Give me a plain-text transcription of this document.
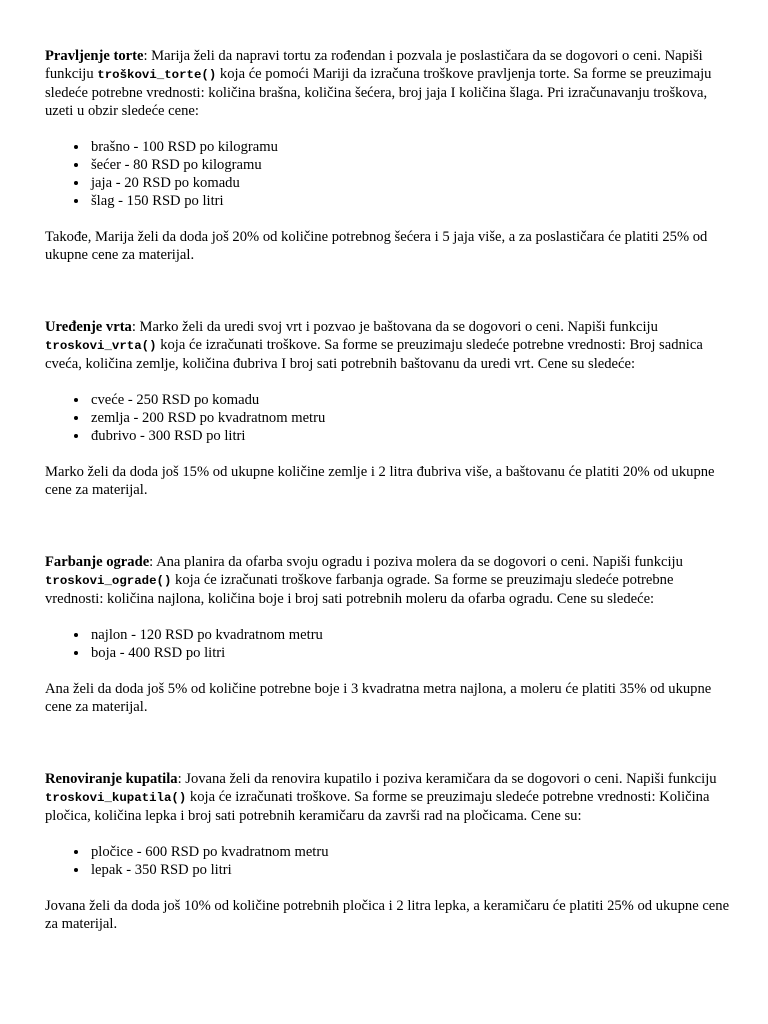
Pravljenje torte: Marija želi da napravi tortu za rođendan i pozvala je poslastičara da se dogovori o ceni. Napiši funkciju troškovi_torte() koja će pomoći Mariji da izračuna troškove pravljenja torte. Sa forme se preuzimaju sledeće potrebne vrednosti: količina brašna, količina šećera, broj jaja I količina šlaga. Pri izračunavanju troškova, uzeti u obzir sledeće cene:

• brašno - 100 RSD po kilogramu
• šećer - 80 RSD po kilogramu
• jaja - 20 RSD po komadu
• šlag - 150 RSD po litri

Takođe, Marija želi da doda još 20% od količine potrebnog šećera i 5 jaja više, a za poslastičara će platiti 25% od ukupne cene za materijal.

Uređenje vrta: Marko želi da uredi svoj vrt i pozvao je baštovana da se dogovori o ceni. Napiši funkciju troskovi_vrta() koja će izračunati troškove. Sa forme se preuzimaju sledeće potrebne vrednosti: Broj sadnica cveća, količina zemlje, količina đubriva I broj sati potrebnih baštovanu da uredi vrt. Cene su sledeće:

• cveće - 250 RSD po komadu
• zemlja - 200 RSD po kvadratnom metru
• đubrivo - 300 RSD po litri

Marko želi da doda još 15% od ukupne količine zemlje i 2 litra đubriva više, a baštovanu će platiti 20% od ukupne cene za materijal.

Farbanje ograde: Ana planira da ofarba svoju ogradu i poziva molera da se dogovori o ceni. Napiši funkciju troskovi_ograde() koja će izračunati troškove farbanja ograde. Sa forme se preuzimaju sledeće potrebne vrednosti: količina najlona, količina boje i broj sati potrebnih moleru da ofarba ogradu. Cene su sledeće:

• najlon - 120 RSD po kvadratnom metru
• boja - 400 RSD po litri

Ana želi da doda još 5% od količine potrebne boje i 3 kvadratna metra najlona, a moleru će platiti 35% od ukupne cene za materijal.

Renoviranje kupatila: Jovana želi da renovira kupatilo i poziva keramičara da se dogovori o ceni. Napiši funkciju troskovi_kupatila() koja će izračunati troškove. Sa forme se preuzimaju sledeće potrebne vrednosti: Količina pločica, količina lepka i broj sati potrebnih keramičaru da završi rad na pločicama. Cene su:

• pločice - 600 RSD po kvadratnom metru
• lepak - 350 RSD po litri

Jovana želi da doda još 10% od količine potrebnih pločica i 2 litra lepka, a keramičaru će platiti 25% od ukupne cene za materijal.
